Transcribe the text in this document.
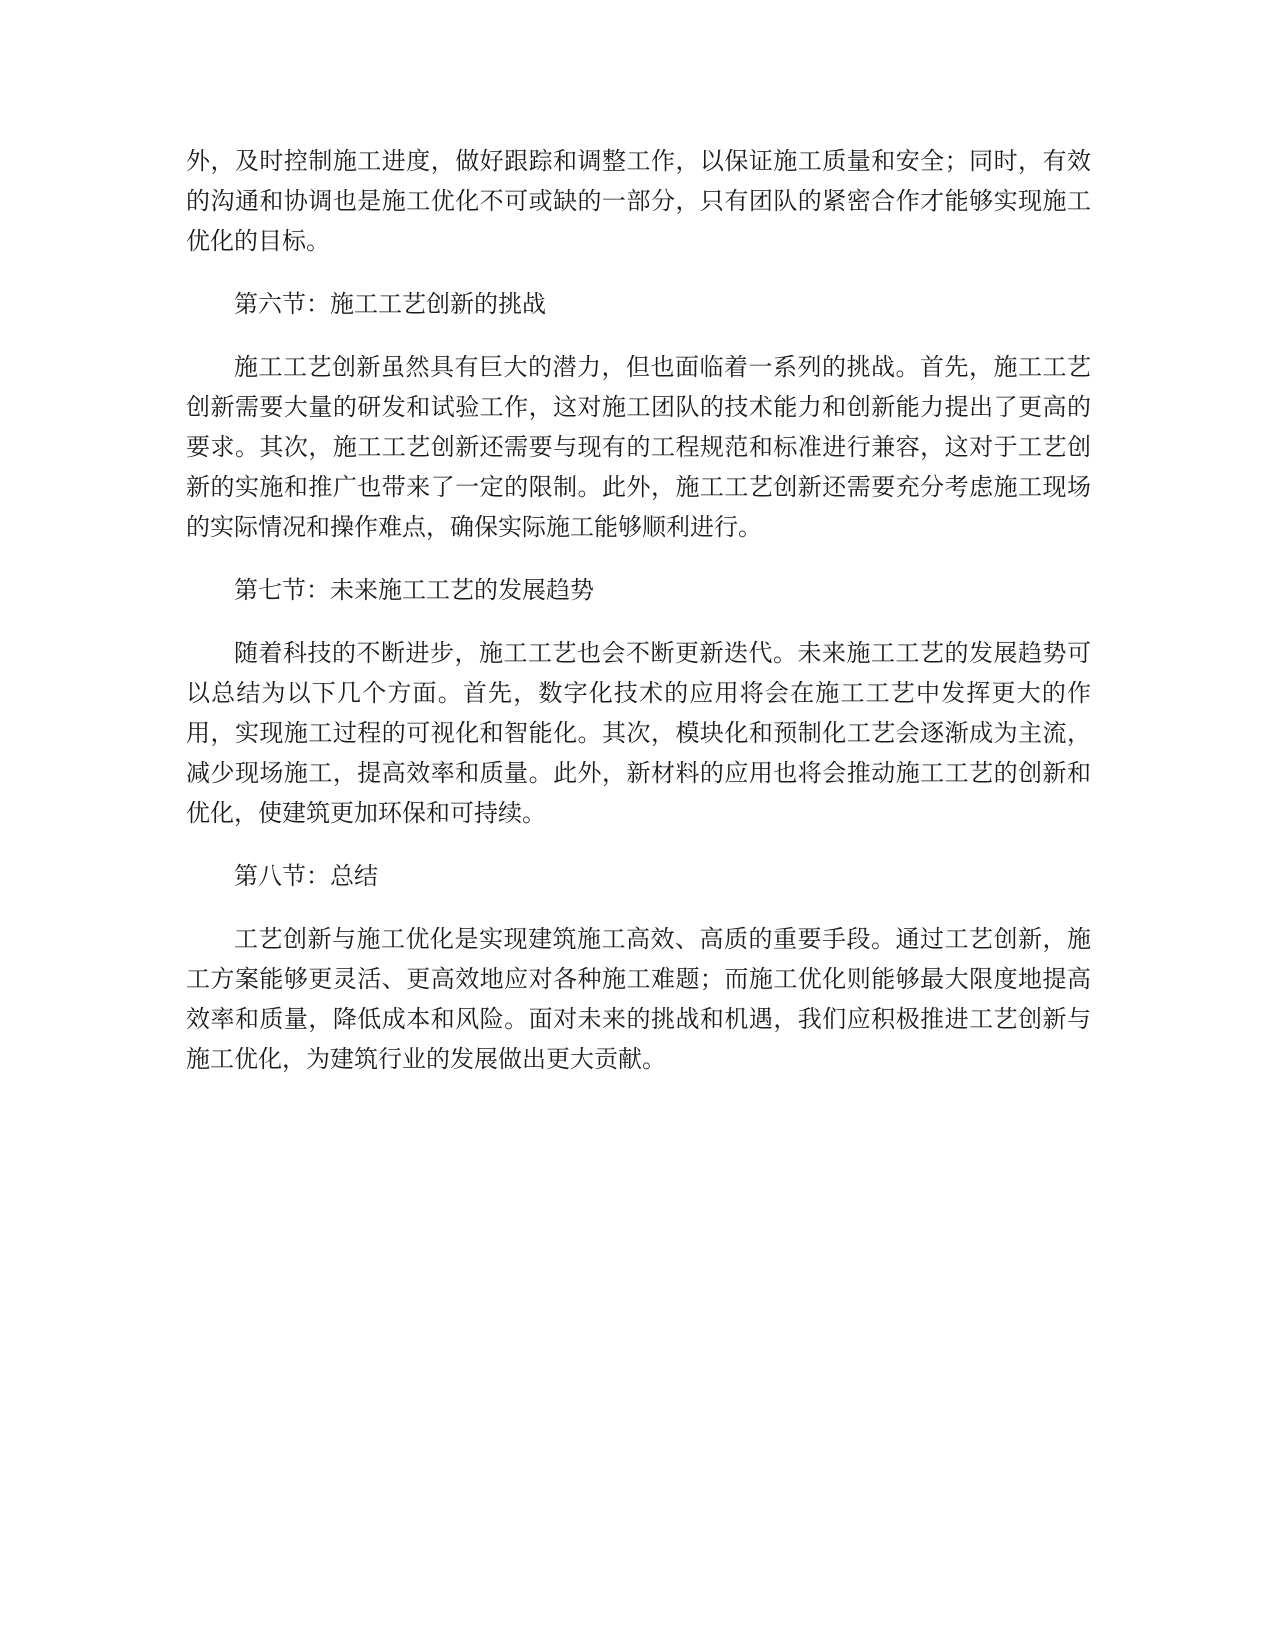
外，及时控制施工进度，做好跟踪和调整工作，以保证施工质量和安全；同时，有效的沟通和协调也是施工优化不可或缺的一部分，只有团队的紧密合作才能够实现施工优化的目标。

第六节：施工工艺创新的挑战

施工工艺创新虽然具有巨大的潜力，但也面临着一系列的挑战。首先，施工工艺创新需要大量的研发和试验工作，这对施工团队的技术能力和创新能力提出了更高的要求。其次，施工工艺创新还需要与现有的工程规范和标准进行兼容，这对于工艺创新的实施和推广也带来了一定的限制。此外，施工工艺创新还需要充分考虑施工现场的实际情况和操作难点，确保实际施工能够顺利进行。

第七节：未来施工工艺的发展趋势

随着科技的不断进步，施工工艺也会不断更新迭代。未来施工工艺的发展趋势可以总结为以下几个方面。首先，数字化技术的应用将会在施工工艺中发挥更大的作用，实现施工过程的可视化和智能化。其次，模块化和预制化工艺会逐渐成为主流，减少现场施工，提高效率和质量。此外，新材料的应用也将会推动施工工艺的创新和优化，使建筑更加环保和可持续。

第八节：总结

工艺创新与施工优化是实现建筑施工高效、高质的重要手段。通过工艺创新，施工方案能够更灵活、更高效地应对各种施工难题；而施工优化则能够最大限度地提高效率和质量，降低成本和风险。面对未来的挑战和机遇，我们应积极推进工艺创新与施工优化，为建筑行业的发展做出更大贡献。
